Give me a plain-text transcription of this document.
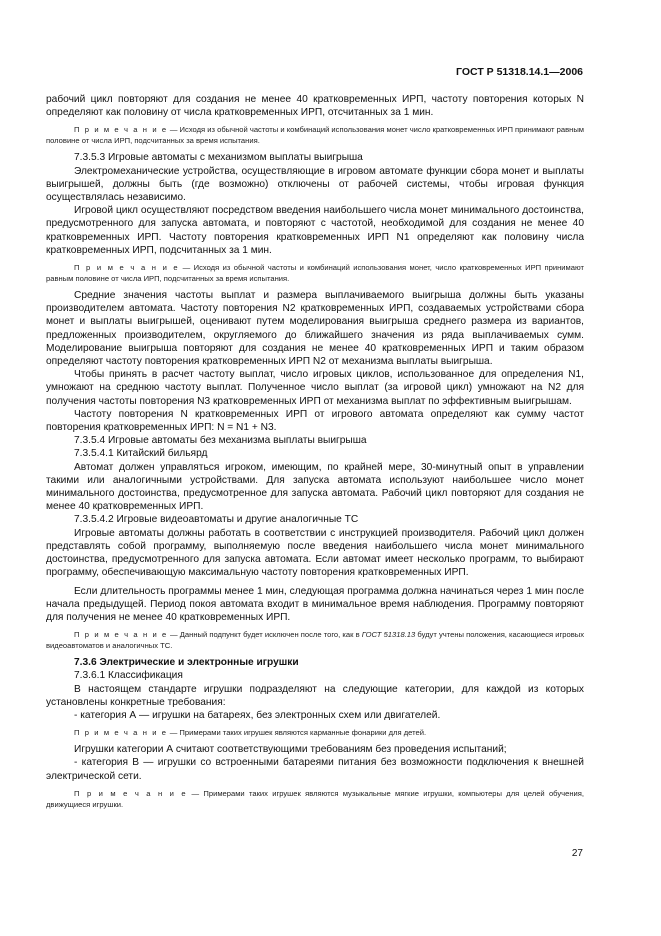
ГОСТ Р 51318.14.1—2006

рабочий цикл повторяют для создания не менее 40 кратковременных ИРП, частоту повторения которых N определяют как половину от числа кратковременных ИРП, отсчитанных за 1 мин.

П р и м е ч а н и е — Исходя из обычной частоты и комбинаций использования монет число кратковременных ИРП принимают равным половине от числа ИРП, подсчитанных за время испытания.

7.3.5.3 Игровые автоматы с механизмом выплаты выигрыша

Электромеханические устройства, осуществляющие в игровом автомате функции сбора монет и выплаты выигрышей, должны быть (где возможно) отключены от рабочей системы, чтобы игровая функция осуществлялась независимо.

Игровой цикл осуществляют посредством введения наибольшего числа монет минимального достоинства, предусмотренного для запуска автомата, и повторяют с частотой, необходимой для создания не менее 40 кратковременных ИРП. Частоту повторения кратковременных ИРП N1 определяют как половину числа кратковременных ИРП, подсчитанных за 1 мин.

П р и м е ч а н и е — Исходя из обычной частоты и комбинаций использования монет, число кратковременных ИРП принимают равным половине от числа ИРП, подсчитанных за время испытания.

Средние значения частоты выплат и размера выплачиваемого выигрыша должны быть указаны производителем автомата. Частоту повторения N2 кратковременных ИРП, создаваемых устройствами сбора монет и выплаты выигрышей, оценивают путем моделирования выигрыша среднего размера из вариантов, предложенных производителем, округляемого до ближайшего значения из ряда выплачиваемых сумм. Моделирование выигрыша повторяют для создания не менее 40 кратковременных ИРП и таким образом определяют частоту повторения кратковременных ИРП N2 от механизма выплаты выигрыша.

Чтобы принять в расчет частоту выплат, число игровых циклов, использованное для определения N1, умножают на среднюю частоту выплат. Полученное число выплат (за игровой цикл) умножают на N2 для получения частоты повторения N3 кратковременных ИРП от механизма выплат по эффективным выигрышам.

Частоту повторения N кратковременных ИРП от игрового автомата определяют как сумму частот повторения кратковременных ИРП: N = N1 + N3.

7.3.5.4 Игровые автоматы без механизма выплаты выигрыша

7.3.5.4.1 Китайский бильярд

Автомат должен управляться игроком, имеющим, по крайней мере, 30-минутный опыт в управлении такими или аналогичными устройствами. Для запуска автомата используют наибольшее число монет минимального достоинства, предусмотренное для запуска автомата. Рабочий цикл повторяют для создания не менее 40 кратковременных ИРП.

7.3.5.4.2 Игровые видеоавтоматы и другие аналогичные ТС

Игровые автоматы должны работать в соответствии с инструкцией производителя. Рабочий цикл должен представлять собой программу, выполняемую после введения наибольшего числа монет минимального достоинства, предусмотренного для запуска автомата. Если автомат имеет несколько программ, то выбирают программу, обеспечивающую максимальную частоту повторения кратковременных ИРП.

Если длительность программы менее 1 мин, следующая программа должна начинаться через 1 мин после начала предыдущей. Период покоя автомата входит в минимальное время наблюдения. Программу повторяют для получения не менее 40 кратковременных ИРП.

П р и м е ч а н и е — Данный подпункт будет исключен после того, как в ГОСТ 51318.13 будут учтены положения, касающиеся игровых видеоавтоматов и аналогичных ТС.

7.3.6 Электрические и электронные игрушки

7.3.6.1 Классификация

В настоящем стандарте игрушки подразделяют на следующие категории, для каждой из которых установлены конкретные требования:

- категория А — игрушки на батареях, без электронных схем или двигателей.

П р и м е ч а н и е — Примерами таких игрушек являются карманные фонарики для детей.

Игрушки категории А считают соответствующими требованиям без проведения испытаний;

- категория В — игрушки со встроенными батареями питания без возможности подключения к внешней электрической сети.

П р и м е ч а н и е — Примерами таких игрушек являются музыкальные мягкие игрушки, компьютеры для целей обучения, движущиеся игрушки.

27
